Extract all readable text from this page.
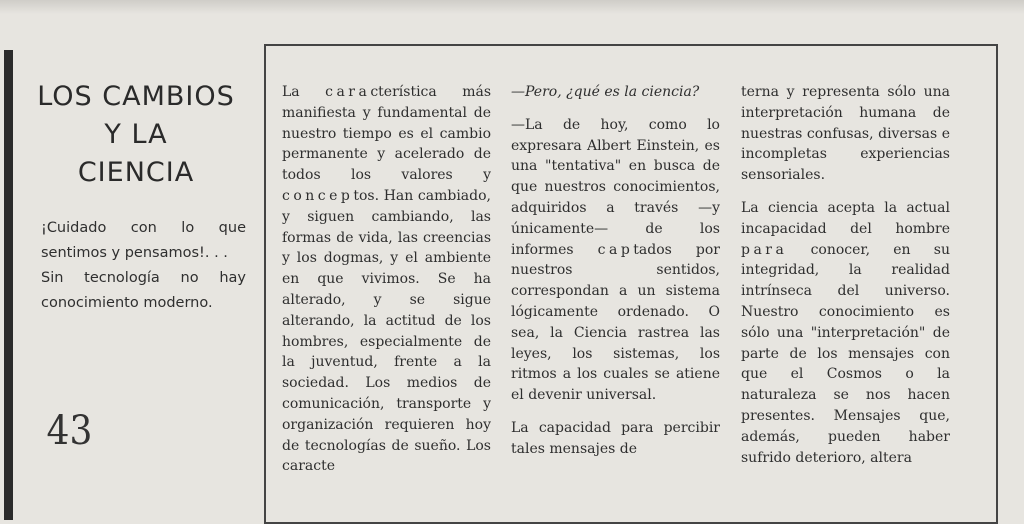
LOS CAMBIOS
Y LA
CIENCIA

¡Cuidado con lo que sentimos y pensamos!. . .

Sin tecnología no hay conocimiento moderno.

43

La característica más manifiesta y fundamental de nuestro tiempo es el cambio permanente y acelerado de todos los valores y conceptos. Han cambiado, y siguen cambiando, las formas de vida, las creencias y los dogmas, y el ambiente en que vivimos. Se ha alterado, y se sigue alterando, la actitud de los hombres, especialmente de la juventud, frente a la sociedad. Los medios de comunicación, transporte y organización requieren hoy de tecnologías de sueño. Los caracte

—Pero, ¿qué es la ciencia?

—La de hoy, como lo expresara Albert Einstein, es una "tentativa" en busca de que nuestros conocimientos, adquiridos a través —y únicamente— de los informes captados por nuestros sentidos, correspondan a un sistema lógicamente ordenado. O sea, la Ciencia rastrea las leyes, los sistemas, los ritmos a los cuales se atiene el devenir universal.

La capacidad para percibir tales mensajes de

terna y representa sólo una interpretación humana de nuestras confusas, diversas e incompletas experiencias sensoriales.

La ciencia acepta la actual incapacidad del hombre para conocer, en su integridad, la realidad intrínseca del universo. Nuestro conocimiento es sólo una "interpretación" de parte de los mensajes con que el Cosmos o la naturaleza se nos hacen presentes. Mensajes que, además, pueden haber sufrido deterioro, altera
